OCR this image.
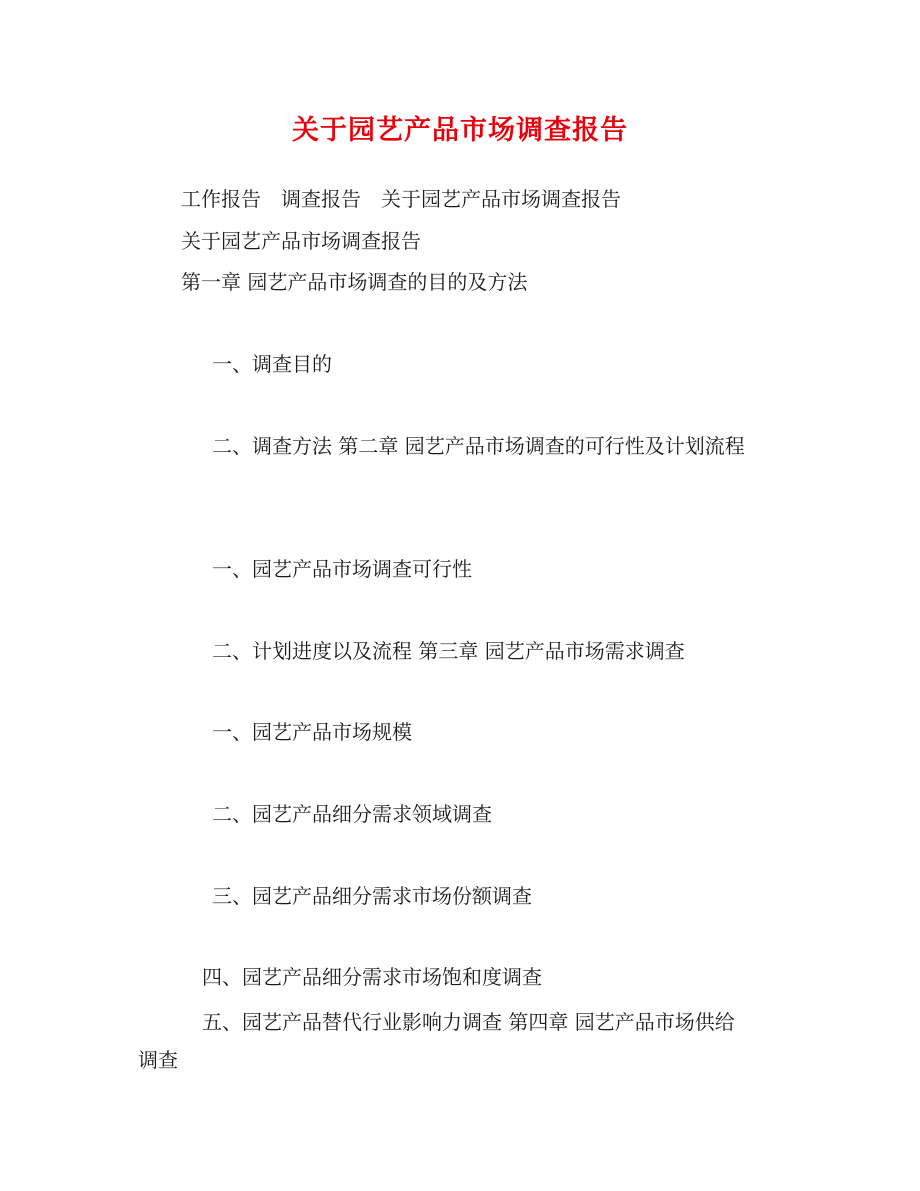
关于园艺产品市场调查报告
工作报告　调查报告　关于园艺产品市场调查报告
关于园艺产品市场调查报告
第一章 园艺产品市场调查的目的及方法
一、调查目的
二、调查方法 第二章 园艺产品市场调查的可行性及计划流程
一、园艺产品市场调查可行性
二、计划进度以及流程 第三章 园艺产品市场需求调查
一、园艺产品市场规模
二、园艺产品细分需求领域调查
三、园艺产品细分需求市场份额调查
四、园艺产品细分需求市场饱和度调查
五、园艺产品替代行业影响力调查 第四章 园艺产品市场供给
调查
